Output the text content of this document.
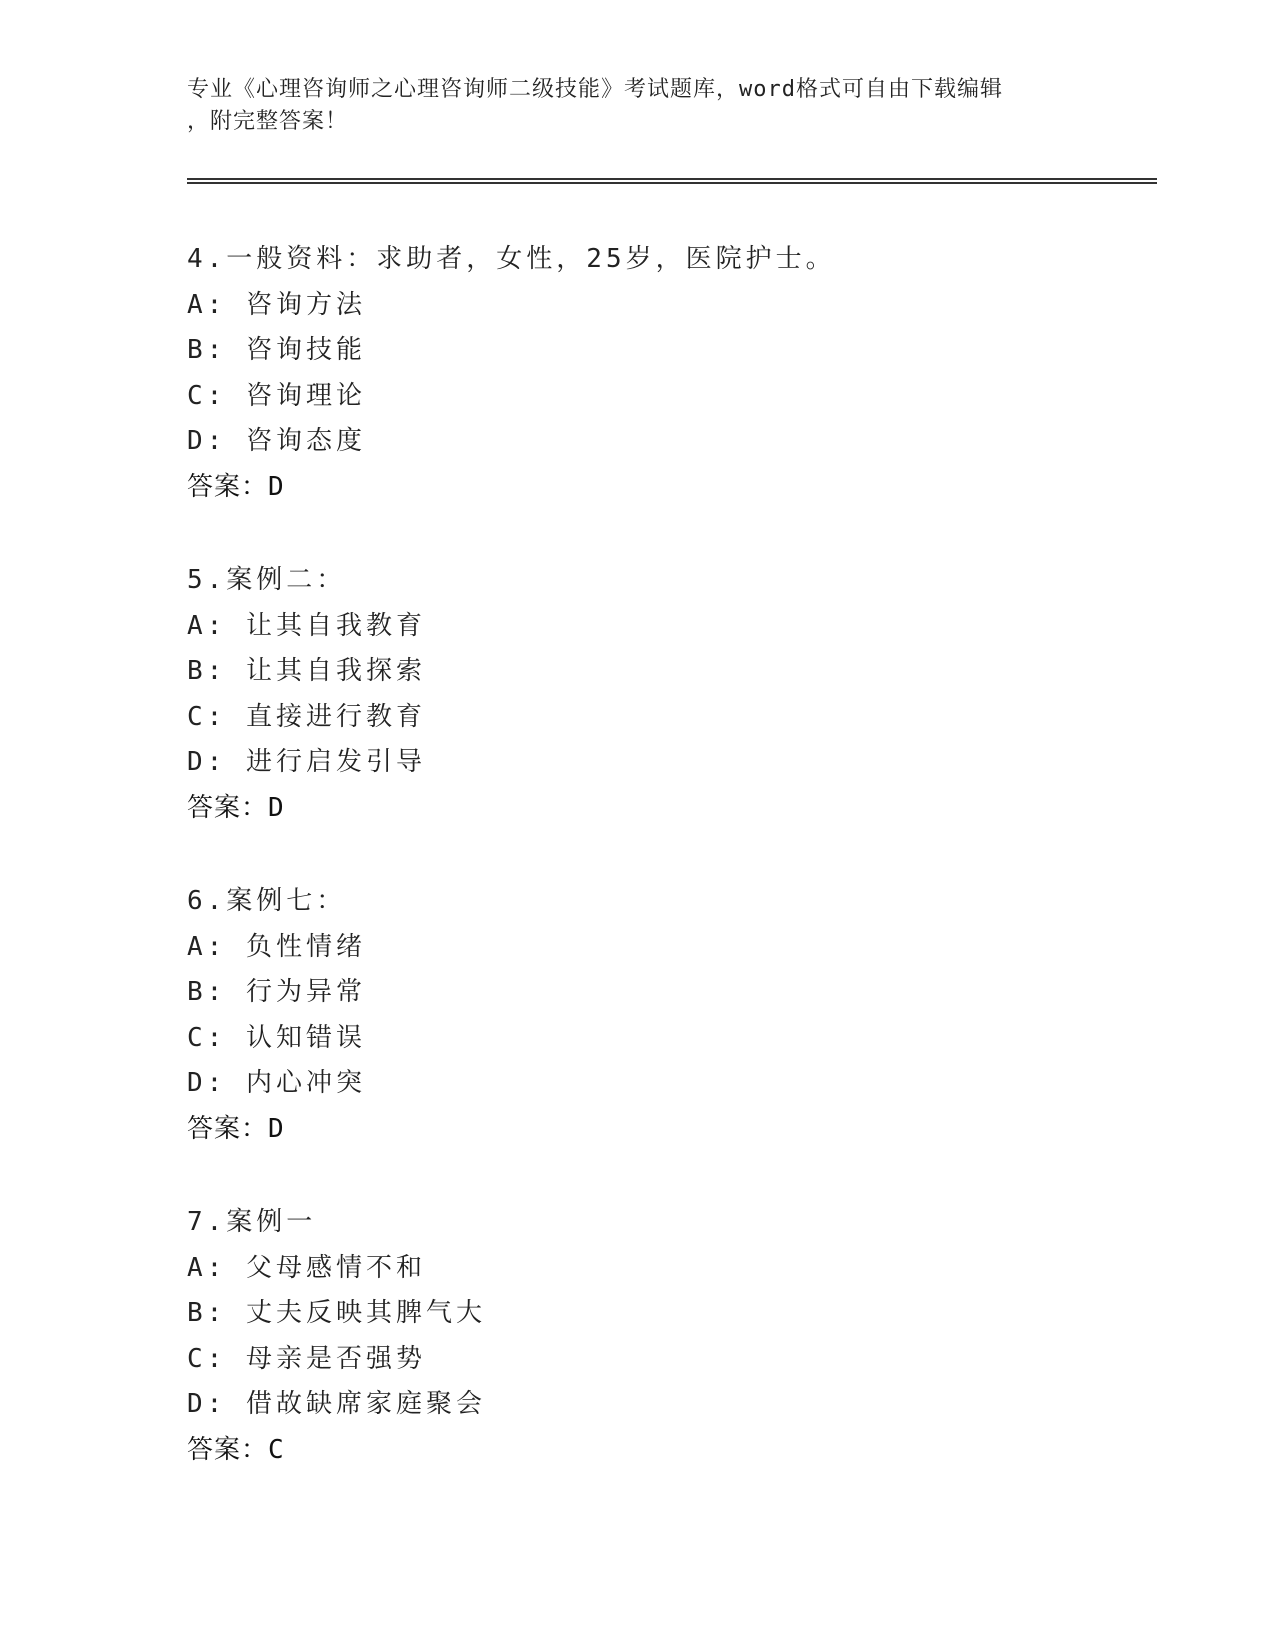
专业《心理咨询师之心理咨询师二级技能》考试题库，word格式可自由下载编辑
，附完整答案！
4.一般资料：求助者，女性，25岁，医院护士。
A: 咨询方法
B: 咨询技能
C: 咨询理论
D: 咨询态度
答案：D
5.案例二：
A: 让其自我教育
B: 让其自我探索
C: 直接进行教育
D: 进行启发引导
答案：D
6.案例七：
A: 负性情绪
B: 行为异常
C: 认知错误
D: 内心冲突
答案：D
7.案例一
A: 父母感情不和
B: 丈夫反映其脾气大
C: 母亲是否强势
D: 借故缺席家庭聚会
答案：C
